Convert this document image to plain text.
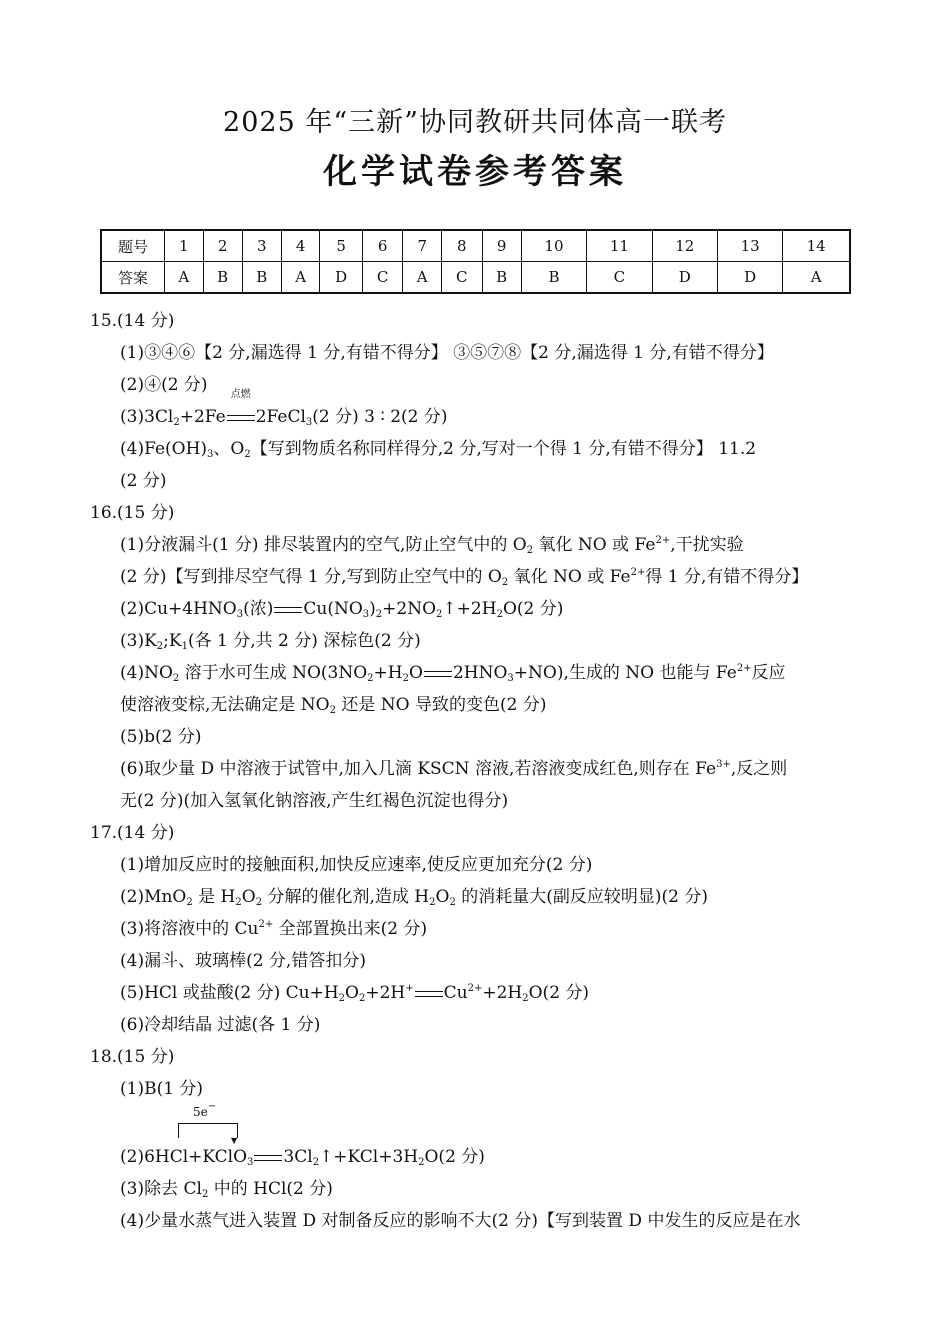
2025 年“三新”协同教研共同体高一联考
化学试卷参考答案
题号	1	2	3	4	5	6	7	8	9	10	11	12	13	14
答案	A	B	B	A	D	C	A	C	B	B	C	D	D	A
15.(14 分)
(1)③④⑥【2 分,漏选得 1 分,有错不得分】 ③⑤⑦⑧【2 分,漏选得 1 分,有错不得分】
(2)④(2 分)
$(3)3Cl_2+2Fe$
点燃
2FeCl$_3$(2 分) 3 ∶ 2(2 分)
$(4)Fe(OH)_3$、$O_2$【写到物质名称同样得分,2 分,写对一个得 1 分,有错不得分】 11.2
(2 分)
16.(15 分)
(1)分液漏斗(1 分) 排尽装置内的空气,防止空气中的 $O_2$ 氧化 NO 或 $Fe^{2+}$,干扰实验
(2 分)【写到排尽空气得 1 分,写到防止空气中的 $O_2$ 氧化 NO 或 $Fe^{2+}$得 1 分,有错不得分】
$(2)Cu+4HNO_3$(浓) $Cu(NO_3)_2+2NO_2↑+2H_2O(2$ 分)
$(3)K_2;K_1$(各 1 分,共 2 分) 深棕色(2 分)
$(4)NO_2$ 溶于水可生成 $NO(3NO_2+H_2O$ $2HNO_3+NO$),生成的 NO 也能与 $Fe^{2+}$反应
使溶液变棕,无法确定是 $NO_2$ 还是 NO 导致的变色(2 分)
(5)b(2 分)
(6)取少量 D 中溶液于试管中,加入几滴 KSCN 溶液,若溶液变成红色,则存在 $Fe^{3+}$,反之则
无(2 分)(加入氢氧化钠溶液,产生红褐色沉淀也得分)
17.(14 分)
(1)增加反应时的接触面积,加快反应速率,使反应更加充分(2 分)
(2)MnO$_2$ 是 $H_2O_2$ 分解的催化剂,造成 $H_2O_2$ 的消耗量大(副反应较明显)(2 分)
(3)将溶液中的 $Cu^{2+}$ 全部置换出来(2 分)
(4)漏斗、玻璃棒(2 分,错答扣分)
(5)HCl 或盐酸(2 分) $Cu+H_2O_2+2H^+$ $Cu^{2+}+2H_2O(2$ 分)
(6)冷却结晶 过滤(各 1 分)
18.(15 分)
(1)B(1 分)
5e−
▼
(2)6HCl+KClO$_3$ $3Cl_2↑+KCl+3H_2O(2$ 分)
(3)除去 $Cl_2$ 中的 HCl(2 分)
(4)少量水蒸气进入装置 D 对制备反应的影响不大(2 分)【写到装置 D 中发生的反应是在水
